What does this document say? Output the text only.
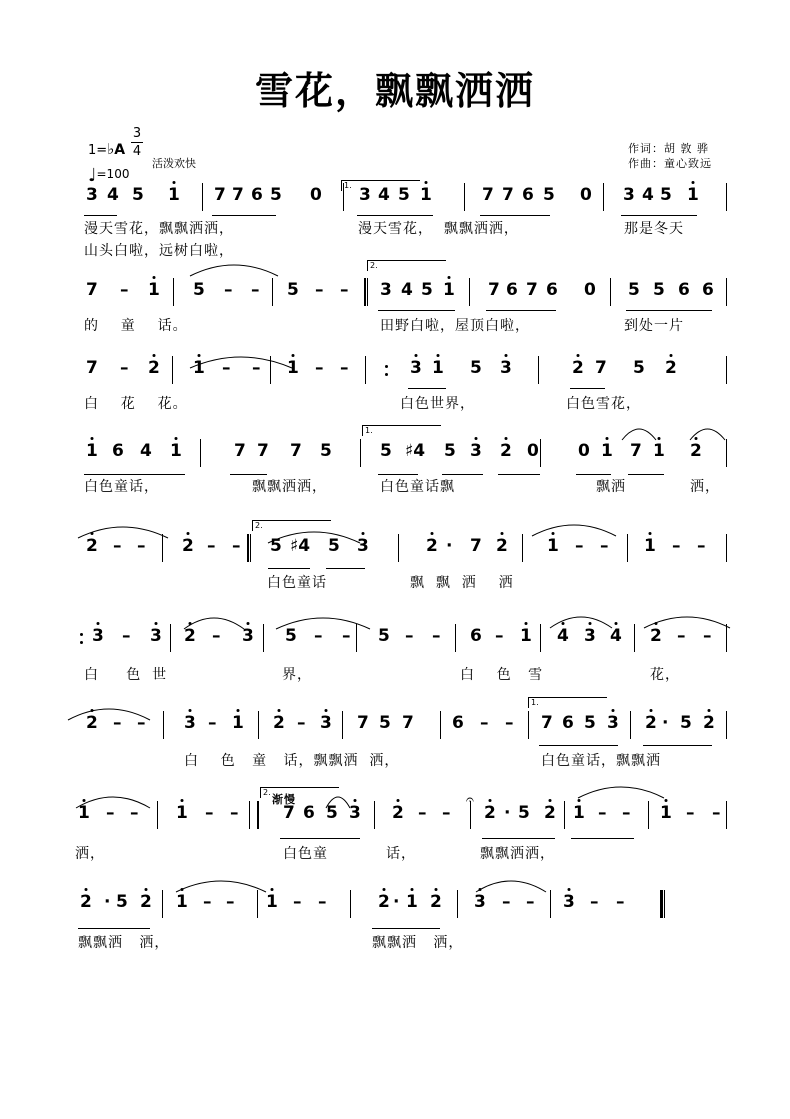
雪花，飘飘洒洒
1=♭A
3
4
♩=100
活泼欢快
作词：胡 敦 骅
作曲：童心致远
3 4 5 1 7 7 6 5 0 3 4 5 1	7 7 6 5 0 3 4 5 1
1.
漫天雪花，飘飘洒洒，	漫天雪花，  飘飘洒洒，	那是冬天
山头白啦，远树白啦，
7 – 1 5 – – 5 – – 3 4 5 1 7 6 7 6 0 5 5 6 6
2.
的    童    话。	田野白啦，屋顶白啦，	到处一片
7 – 2 1 – – 1 – –	3 1 5 3	2 7 5 2
白    花    花。	白色世界，	白色雪花，
1 6 4 1	7 7 7 5	5 ♯4 5 3 2 0 0 1 7 1 2
1.
白色童话，	飘飘洒洒，	白色童话飘	飘洒	洒，
2 – – 2 – – 5 ♯4 5 3	2 · 7 2 1 – – 1 – –
2.
白色童话	飘  飘  洒    洒
3 – 3 2 – 3 5 – – 5 – – 6 – 1 4 3 4 2 – –
白     色  世	界，	白    色   雪	花，
2 – – 3 – 1 2 – 3 7 5 7 6 – – 7 6 5 3 2 · 5 2
1.
白    色   童   话，飘飘洒  洒，	白色童话，飘飘洒
1 – – 1 – –	7 6 5 3 2 – – 2 · 5 2 1 – – 1 – –
2.
洒，	白色童	话，	飘飘洒洒，
2 · 5 2 1 – – 1 – –	2 · 1 2 3 – – 3 – –
飘飘洒   洒，	飘飘洒   洒，
渐慢	𝄐
